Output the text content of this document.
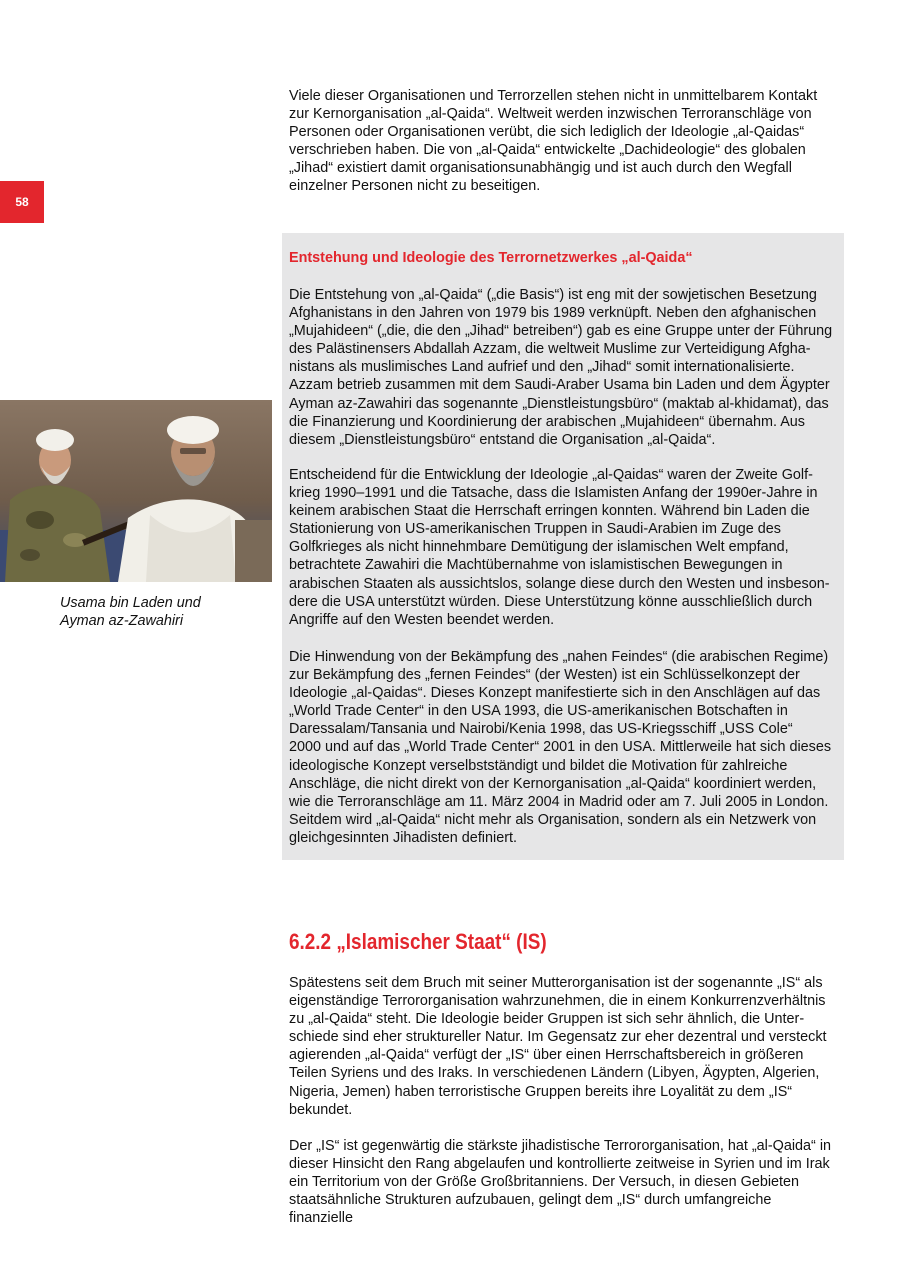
58

Viele dieser Organisationen und Terrorzellen stehen nicht in unmittelbarem Kontakt
zur Kernorganisation „al-Qaida“. Weltweit werden inzwischen Terroranschläge von
Personen oder Organisationen verübt, die sich lediglich der Ideologie „al-Qaidas“
verschrieben haben. Die von „al-Qaida“ entwickelte „Dachideologie“ des globalen
„Jihad“ existiert damit organisationsunabhängig und ist auch durch den Wegfall
einzelner Personen nicht zu beseitigen.

Entstehung und Ideologie des Terrornetzwerkes „al-Qaida“

Die Entstehung von „al-Qaida“ („die Basis“) ist eng mit der sowjetischen Besetzung
Afghanistans in den Jahren von 1979 bis 1989 verknüpft. Neben den afghanischen
„Mujahideen“ („die, die den „Jihad“ betreiben“) gab es eine Gruppe unter der Führung
des Palästinensers Abdallah Azzam, die weltweit Muslime zur Verteidigung Afgha-
nistans als muslimisches Land aufrief und den „Jihad“ somit internationalisierte.
Azzam betrieb zusammen mit dem Saudi-Araber Usama bin Laden und dem Ägypter
Ayman az-Zawahiri das sogenannte „Dienstleistungsbüro“ (maktab al-khidamat), das
die Finanzierung und Koordinierung der arabischen „Mujahideen“ übernahm. Aus
diesem „Dienstleistungsbüro“ entstand die Organisation „al-Qaida“.

Entscheidend für die Entwicklung der Ideologie „al-Qaidas“ waren der Zweite Golf-
krieg 1990–1991 und die Tatsache, dass die Islamisten Anfang der 1990er-Jahre in
keinem arabischen Staat die Herrschaft erringen konnten. Während bin Laden die
Stationierung von US-amerikanischen Truppen in Saudi-Arabien im Zuge des
Golfkrieges als nicht hinnehmbare Demütigung der islamischen Welt empfand,
betrachtete Zawahiri die Machtübernahme von islamistischen Bewegungen in
arabischen Staaten als aussichtslos, solange diese durch den Westen und insbeson-
dere die USA unterstützt würden. Diese Unterstützung könne ausschließlich durch
Angriffe auf den Westen beendet werden.

Die Hinwendung von der Bekämpfung des „nahen Feindes“ (die arabischen Regime)
zur Bekämpfung des „fernen Feindes“ (der Westen) ist ein Schlüsselkonzept der
Ideologie „al-Qaidas“. Dieses Konzept manifestierte sich in den Anschlägen auf das
„World Trade Center“ in den USA 1993, die US-amerikanischen Botschaften in
Daressalam/Tansania und Nairobi/Kenia 1998, das US-Kriegsschiff „USS Cole“
2000 und auf das „World Trade Center“ 2001 in den USA. Mittlerweile hat sich dieses
ideologische Konzept verselbstständigt und bildet die Motivation für zahlreiche
Anschläge, die nicht direkt von der Kernorganisation „al-Qaida“ koordiniert werden,
wie die Terroranschläge am 11. März 2004 in Madrid oder am 7. Juli 2005 in London.
Seitdem wird „al-Qaida“ nicht mehr als Organisation, sondern als ein Netzwerk von
gleichgesinnten Jihadisten definiert.

Usama bin Laden und
Ayman az-Zawahiri

6.2.2 „Islamischer Staat“ (IS)

Spätestens seit dem Bruch mit seiner Mutterorganisation ist der sogenannte „IS“ als
eigenständige Terrororganisation wahrzunehmen, die in einem Konkurrenzverhältnis
zu „al-Qaida“ steht. Die Ideologie beider Gruppen ist sich sehr ähnlich, die Unter-
schiede sind eher struktureller Natur. Im Gegensatz zur eher dezentral und versteckt
agierenden „al-Qaida“ verfügt der „IS“ über einen Herrschaftsbereich in größeren
Teilen Syriens und des Iraks. In verschiedenen Ländern (Libyen, Ägypten, Algerien,
Nigeria, Jemen) haben terroristische Gruppen bereits ihre Loyalität zu dem „IS“
bekundet.

Der „IS“ ist gegenwärtig die stärkste jihadistische Terrororganisation, hat „al-Qaida“ in
dieser Hinsicht den Rang abgelaufen und kontrollierte zeitweise in Syrien und im Irak
ein Territorium von der Größe Großbritanniens. Der Versuch, in diesen Gebieten
staatsähnliche Strukturen aufzubauen, gelingt dem „IS“ durch umfangreiche finanzielle
